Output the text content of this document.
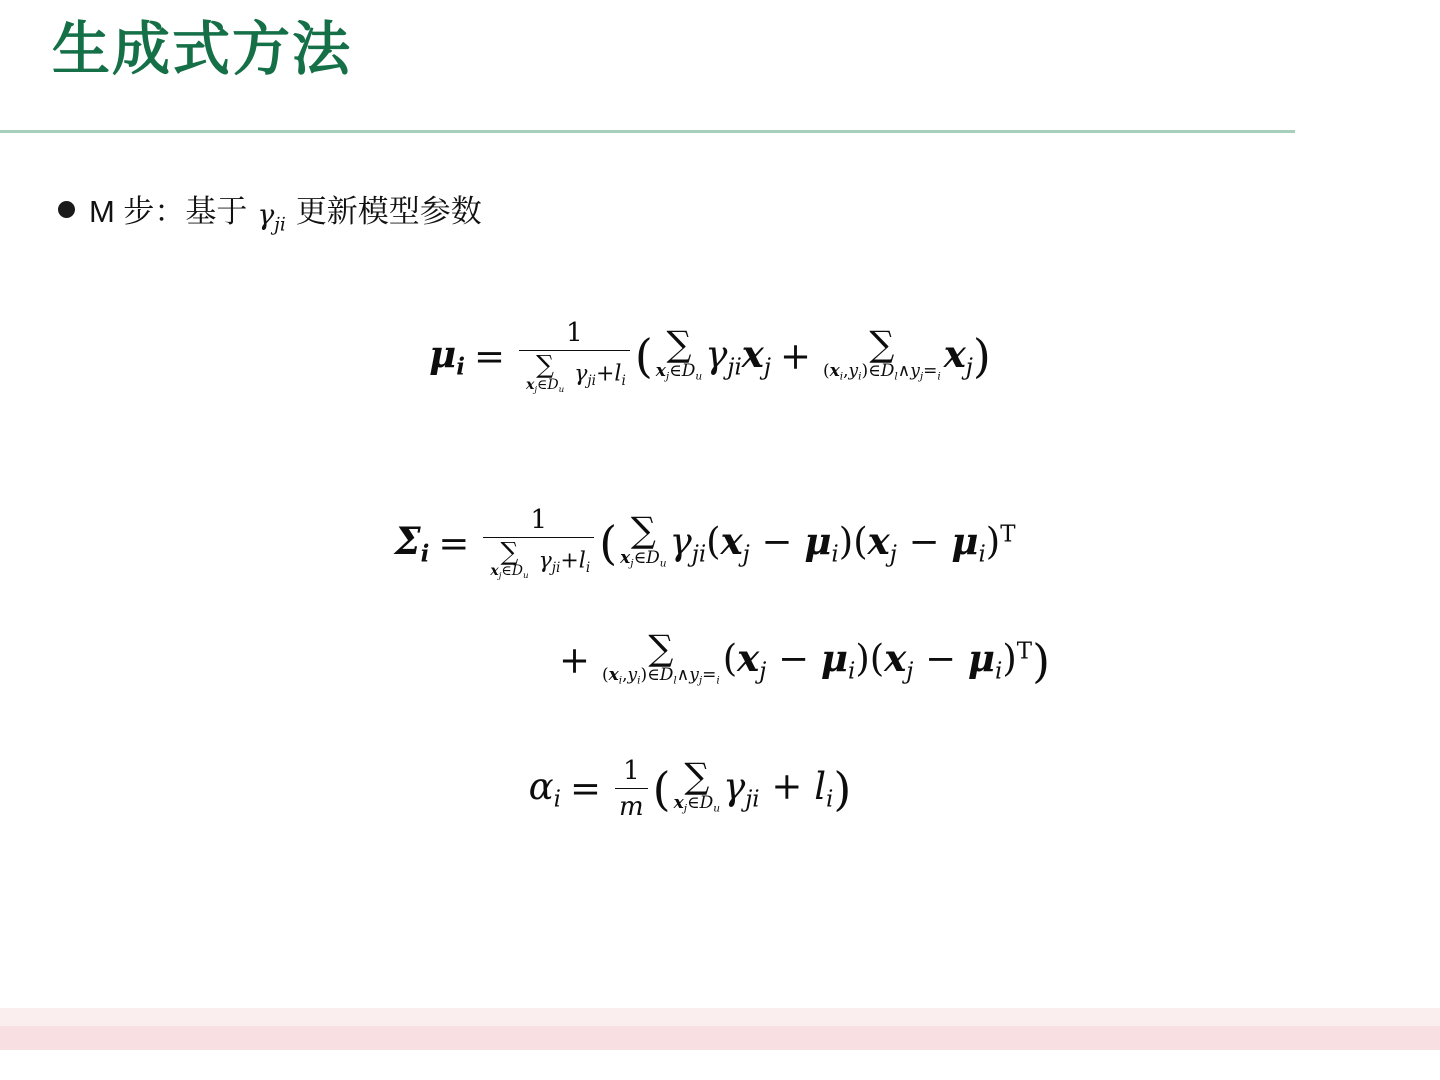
生成式方法
M 步：基于 $\gamma_{ji}$ 更新模型参数
$\mu_i = 1$
∑
$x_j\in D_u$
$\gamma_{ji}+l_i$ ( ∑
$x_j\in D_u$
$\gamma_{ji}x_j$ + ∑
$(x_i,y_i)\in D_l\wedge y_j=_i$
$x_j$ )
$\Sigma_i = 1$
∑
$x_j\in D_u$
$\gamma_{ji}+l_i$ ( ∑
$x_j\in D_u$
$\gamma_{ji}(x_j - \mu_i)(x_j - \mu_i)^T$
+ ∑
$(x_i,y_i)\in D_l\wedge y_j=_i$
$(x_j - \mu_i)(x_j - \mu_i)^T$ )
$\alpha_i = \frac{1}{m}$ ( ∑
$x_j\in D_u$
$\gamma_{ji} + l_i$ )
